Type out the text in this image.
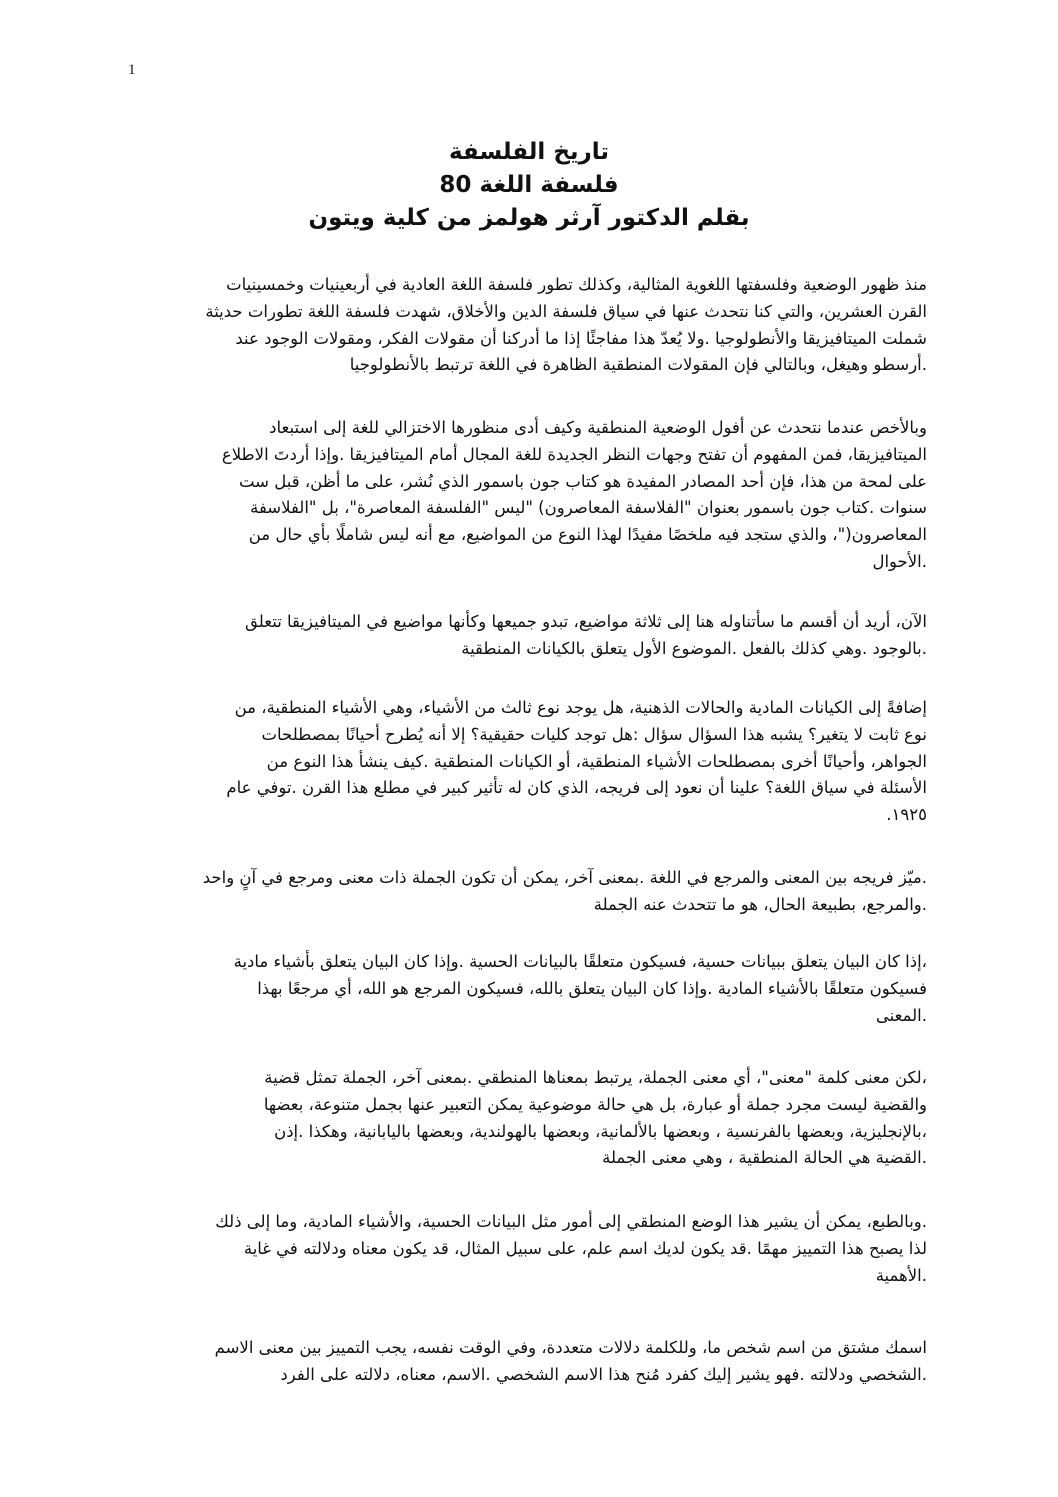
1
تاريخ الفلسفة
فلسفة اللغة 80
بقلم الدكتور آرثر هولمز من كلية ويتون
منذ ظهور الوضعية وفلسفتها اللغوية المثالية، وكذلك تطور فلسفة اللغة العادية في أربعينيات وخمسينيات
القرن العشرين، والتي كنا نتحدث عنها في سياق فلسفة الدين والأخلاق، شهدت فلسفة اللغة تطورات حديثة
شملت الميتافيزيقا والأنطولوجيا .ولا يُعدّ هذا مفاجئًا إذا ما أدركنا أن مقولات الفكر، ومقولات الوجود عند
.أرسطو وهيغل، وبالتالي فإن المقولات المنطقية الظاهرة في اللغة ترتبط بالأنطولوجيا
وبالأخص عندما نتحدث عن أفول الوضعية المنطقية وكيف أدى منظورها الاختزالي للغة إلى استبعاد
الميتافيزيقا، فمن المفهوم أن تفتح وجهات النظر الجديدة للغة المجال أمام الميتافيزيقا .وإذا أردتَ الاطلاع
على لمحة من هذا، فإن أحد المصادر المفيدة هو كتاب جون باسمور الذي نُشر، على ما أظن، قبل ست
سنوات .كتاب جون باسمور بعنوان "الفلاسفة المعاصرون) "ليس "الفلسفة المعاصرة"، بل "الفلاسفة
المعاصرون("، والذي ستجد فيه ملخصًا مفيدًا لهذا النوع من المواضيع، مع أنه ليس شاملًا بأي حال من
.الأحوال
الآن، أريد أن أقسم ما سأتناوله هنا إلى ثلاثة مواضيع، تبدو جميعها وكأنها مواضيع في الميتافيزيقا تتعلق
.بالوجود .وهي كذلك بالفعل .الموضوع الأول يتعلق بالكيانات المنطقية
إضافةً إلى الكيانات المادية والحالات الذهنية، هل يوجد نوع ثالث من الأشياء، وهي الأشياء المنطقية، من
نوع ثابت لا يتغير؟ يشبه هذا السؤال سؤال :هل توجد كليات حقيقية؟ إلا أنه يُطرح أحيانًا بمصطلحات
الجواهر، وأحيانًا أخرى بمصطلحات الأشياء المنطقية، أو الكيانات المنطقية .كيف ينشأ هذا النوع من
الأسئلة في سياق اللغة؟ علينا أن نعود إلى فريجه، الذي كان له تأثير كبير في مطلع هذا القرن .توفي عام
١٩٢٥.
.ميّز فريجه بين المعنى والمرجع في اللغة .بمعنى آخر، يمكن أن تكون الجملة ذات معنى ومرجع في آنٍ واحد
.والمرجع، بطبيعة الحال، هو ما تتحدث عنه الجملة
،إذا كان البيان يتعلق ببيانات حسية، فسيكون متعلقًا بالبيانات الحسية .وإذا كان البيان يتعلق بأشياء مادية
فسيكون متعلقًا بالأشياء المادية .وإذا كان البيان يتعلق بالله، فسيكون المرجع هو الله، أي مرجعًا بهذا
.المعنى
،لكن معنى كلمة "معنى"، أي معنى الجملة، يرتبط بمعناها المنطقي .بمعنى آخر، الجملة تمثل قضية
والقضية ليست مجرد جملة أو عبارة، بل هي حالة موضوعية يمكن التعبير عنها بجمل متنوعة، بعضها
،بالإنجليزية، وبعضها بالفرنسية ، وبعضها بالألمانية، وبعضها بالهولندية، وبعضها باليابانية، وهكذا .إذن
.القضية هي الحالة المنطقية ، وهي معنى الجملة
.وبالطبع، يمكن أن يشير هذا الوضع المنطقي إلى أمور مثل البيانات الحسية، والأشياء المادية، وما إلى ذلك
لذا يصبح هذا التمييز مهمًا .قد يكون لديك اسم علم، على سبيل المثال، قد يكون معناه ودلالته في غاية
.الأهمية
اسمك مشتق من اسم شخص ما، وللكلمة دلالات متعددة، وفي الوقت نفسه، يجب التمييز بين معنى الاسم
.الشخصي ودلالته .فهو يشير إليك كفرد مُنح هذا الاسم الشخصي .الاسم، معناه، دلالته على الفرد
